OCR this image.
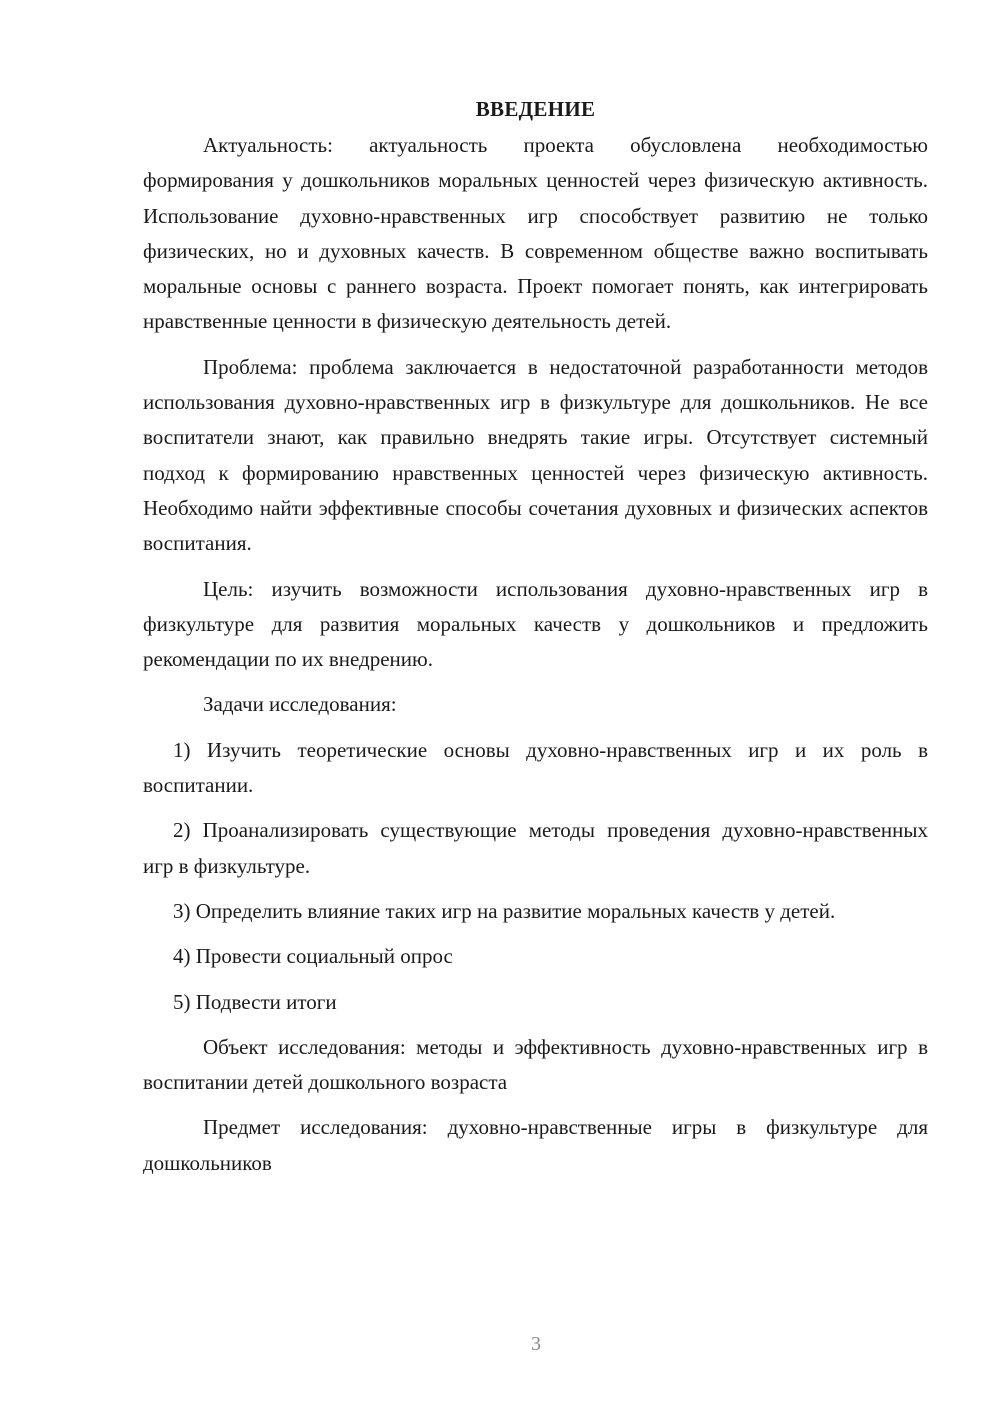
ВВЕДЕНИЕ

Актуальность: актуальность проекта обусловлена необходимостью формирования у дошкольников моральных ценностей через физическую активность. Использование духовно-нравственных игр способствует развитию не только физических, но и духовных качеств. В современном обществе важно воспитывать моральные основы с раннего возраста. Проект помогает понять, как интегрировать нравственные ценности в физическую деятельность детей.

Проблема: проблема заключается в недостаточной разработанности методов использования духовно-нравственных игр в физкультуре для дошкольников. Не все воспитатели знают, как правильно внедрять такие игры. Отсутствует системный подход к формированию нравственных ценностей через физическую активность. Необходимо найти эффективные способы сочетания духовных и физических аспектов воспитания.

Цель: изучить возможности использования духовно-нравственных игр в физкультуре для развития моральных качеств у дошкольников и предложить рекомендации по их внедрению.

Задачи исследования:

1) Изучить теоретические основы духовно-нравственных игр и их роль в воспитании.

2) Проанализировать существующие методы проведения духовно-нравственных игр в физкультуре.

3) Определить влияние таких игр на развитие моральных качеств у детей.

4) Провести социальный опрос

5) Подвести итоги

Объект исследования: методы и эффективность духовно-нравственных игр в воспитании детей дошкольного возраста

Предмет исследования: духовно-нравственные игры в физкультуре для дошкольников

3
